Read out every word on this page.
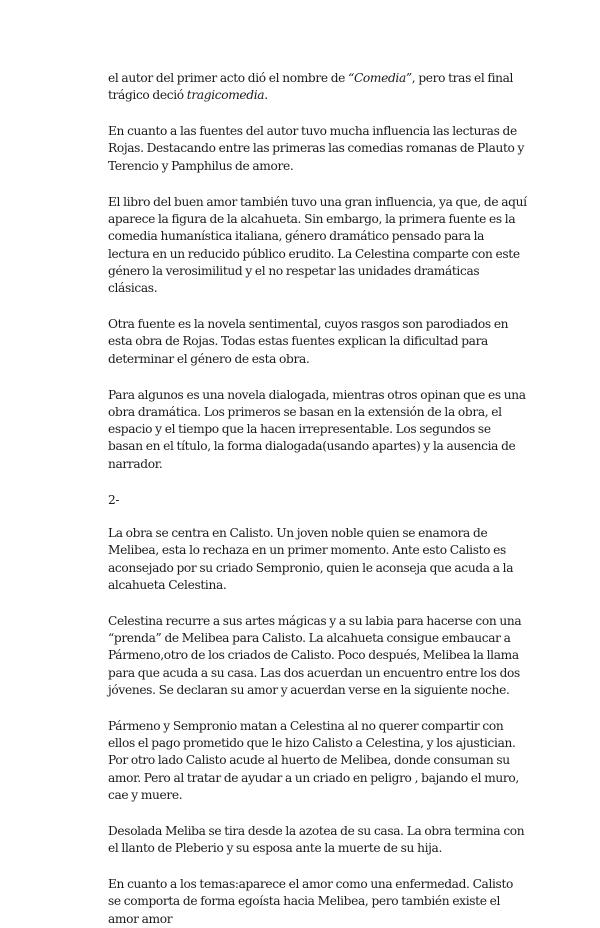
el autor del primer acto dió el nombre de “Comedia”, pero tras el final trágico deció tragicomedia.

En cuanto a las fuentes del autor tuvo mucha influencia las lecturas de Rojas. Destacando entre las primeras las comedias romanas de Plauto y Terencio y Pamphilus de amore.

El libro del buen amor también tuvo una gran influencia, ya que, de aquí aparece la figura de la alcahueta. Sin embargo, la primera fuente es la comedia humanística italiana, género dramático pensado para la lectura en un reducido público erudito. La Celestina comparte con este género la verosimilitud y el no respetar las unidades dramáticas clásicas.

Otra fuente es la novela sentimental, cuyos rasgos son parodiados en esta obra de Rojas. Todas estas fuentes explican la dificultad para determinar el género de esta obra.

Para algunos es una novela dialogada, mientras otros opinan que es una obra dramática. Los primeros se basan en la extensión de la obra, el espacio y el tiempo que la hacen irrepresentable. Los segundos se basan en el título, la forma dialogada(usando apartes) y la ausencia de narrador.

2-

La obra se centra en Calisto. Un joven noble quien se enamora de Melibea, esta lo rechaza en un primer momento. Ante esto Calisto es aconsejado por su criado Sempronio, quien le aconseja que acuda a la alcahueta Celestina.

Celestina recurre a sus artes mágicas y a su labia para hacerse con una “prenda” de Melibea para Calisto. La alcahueta consigue embaucar a Pármeno,otro de los criados de Calisto. Poco después, Melibea la llama para que acuda a su casa. Las dos acuerdan un encuentro entre los dos jóvenes. Se declaran su amor y acuerdan verse en la siguiente noche.

Pármeno y Sempronio matan a Celestina al no querer compartir con ellos el pago prometido que le hizo Calisto a Celestina, y los ajustician. Por otro lado Calisto acude al huerto de Melibea, donde consuman su amor. Pero al tratar de ayudar a un criado en peligro , bajando el muro, cae y muere.

Desolada Meliba se tira desde la azotea de su casa. La obra termina con el llanto de Pleberio y su esposa ante la muerte de su hija.

En cuanto a los temas:aparece el amor como una enfermedad. Calisto se comporta de forma egoísta hacia Melibea, pero también existe el amor amor
